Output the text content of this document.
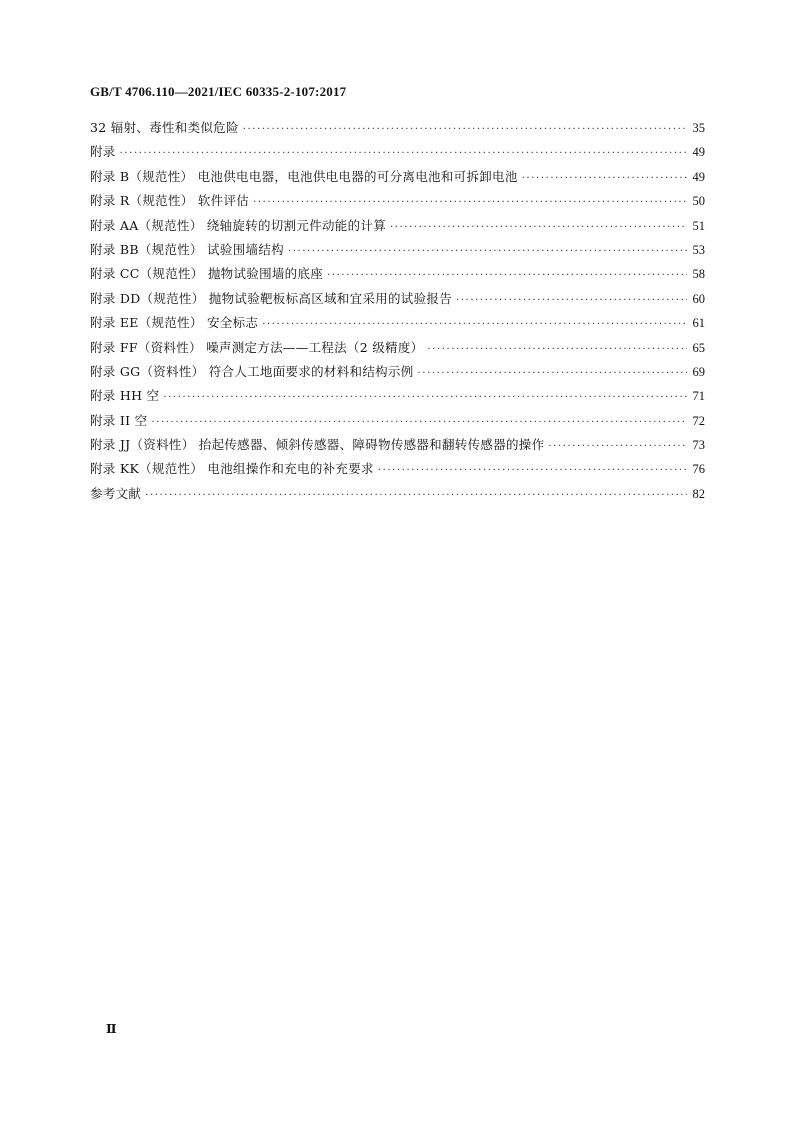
GB/T 4706.110—2021/IEC 60335-2-107:2017
32 辐射、毒性和类似危险 ·····	35
附录 ·····	49
附录 B（规范性） 电池供电电器，电池供电电器的可分离电池和可拆卸电池 ·····	49
附录 R（规范性） 软件评估 ·····	50
附录 AA（规范性） 绕轴旋转的切割元件动能的计算 ·····	51
附录 BB（规范性） 试验围墙结构 ·····	53
附录 CC（规范性） 抛物试验围墙的底座 ·····	58
附录 DD（规范性） 抛物试验靶板标高区域和宜采用的试验报告 ·····	60
附录 EE（规范性） 安全标志 ·····	61
附录 FF（资料性） 噪声测定方法——工程法（2 级精度） ·····	65
附录 GG（资料性） 符合人工地面要求的材料和结构示例 ·····	69
附录 HH 空 ·····	71
附录 II 空 ·····	72
附录 JJ（资料性） 抬起传感器、倾斜传感器、障碍物传感器和翻转传感器的操作 ·····	73
附录 KK（规范性） 电池组操作和充电的补充要求 ·····	76
参考文献 ·····	82
Ⅱ
